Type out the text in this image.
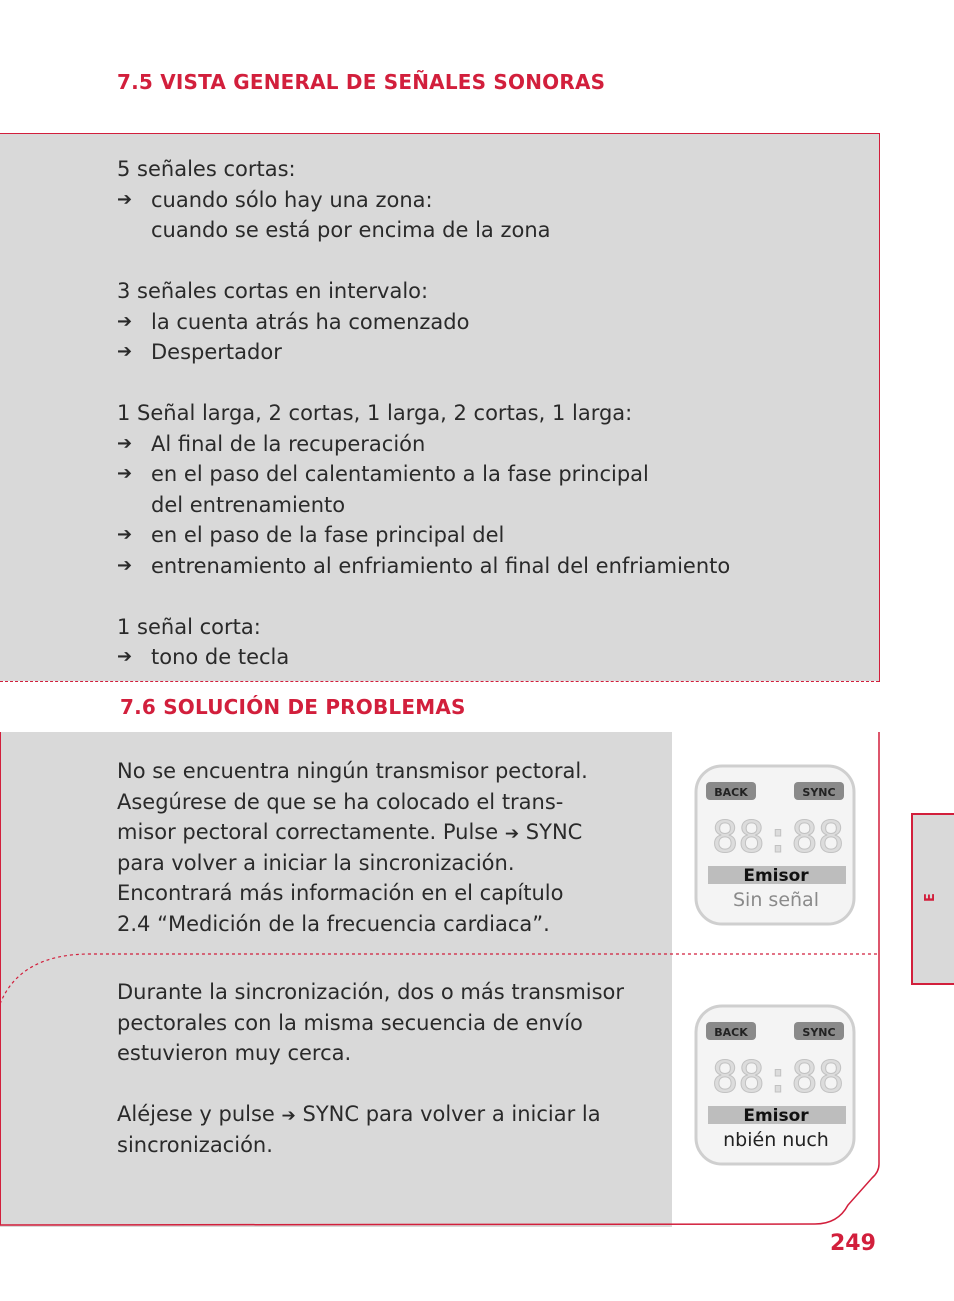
7.5 VISTA GENERAL DE SEÑALES SONORAS
5 señales cortas:
➔ cuando sólo hay una zona:
cuando se está por encima de la zona
3 señales cortas en intervalo:
➔ la cuenta atrás ha comenzado
➔ Despertador
1 Señal larga, 2 cortas, 1 larga, 2 cortas, 1 larga:
➔ Al final de la recuperación
➔ en el paso del calentamiento a la fase principal
del entrenamiento
➔ en el paso de la fase principal del
➔ entrenamiento al enfriamiento al final del enfriamiento
1 señal corta:
➔ tono de tecla
7.6 SOLUCIÓN DE PROBLEMAS
No se encuentra ningún transmisor pectoral.
Asegúrese de que se ha colocado el trans-
misor pectoral correctamente. Pulse ➔ SYNC
para volver a iniciar la sincronización.
Encontrará más información en el capítulo
2.4 “Medición de la frecuencia cardiaca”.
Durante la sincronización, dos o más transmisor
pectorales con la misma secuencia de envío
estuvieron muy cerca.
Aléjese y pulse ➔ SYNC para volver a iniciar la
sincronización.
BACK	SYNC
88:88
Emisor
Sin señal
BACK	SYNC
88:88
Emisor
nbién nuch
E
249
